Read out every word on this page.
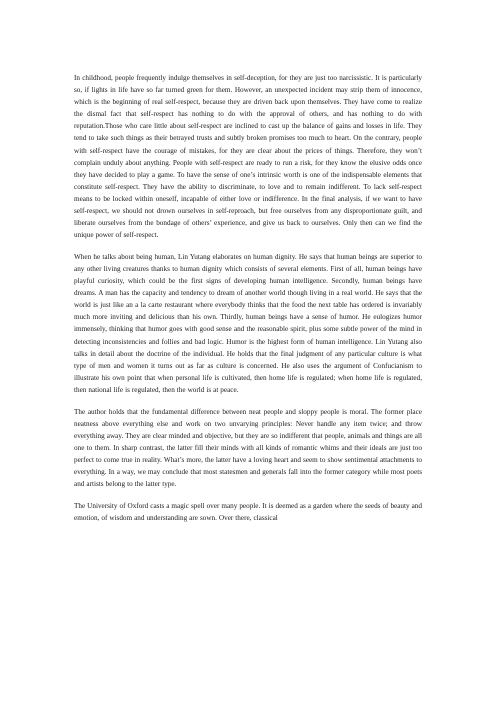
In childhood, people frequently indulge themselves in self-deception, for they are just too narcissistic. It is particularly so, if lights in life have so far turned green for them. However, an unexpected incident may strip them of innocence, which is the beginning of real self-respect, because they are driven back upon themselves. They have come to realize the dismal fact that self-respect has nothing to do with the approval of others, and has nothing to do with reputation.Those who care little about self-respect are inclined to cast up the balance of gains and losses in life. They tend to take such things as their betrayed trusts and subtly broken promises too much to heart. On the contrary, people with self-respect have the courage of mistakes, for they are clear about the prices of things. Therefore, they won’t complain unduly about anything. People with self-respect are ready to run a risk, for they know the elusive odds once they have decided to play a game. To have the sense of one’s intrinsic worth is one of the indispensable elements that constitute self-respect. They have the ability to discriminate, to love and to remain indifferent. To lack self-respect means to be locked within oneself, incapable of either love or indifference. In the final analysis, if we want to have self-respect, we should not drown ourselves in self-reproach, but free ourselves from any disproportionate guilt, and liberate ourselves from the bondage of others’ experience, and give us back to ourselves. Only then can we find the unique power of self-respect.

When he talks about being human, Lin Yutang elaborates on human dignity. He says that human beings are superior to any other living creatures thanks to human dignity which consists of several elements. First of all, human beings have playful curiosity, which could be the first signs of developing human intelligence. Secondly, human beings have dreams. A man has the capacity and tendency to dream of another world though living in a real world. He says that the world is just like an a la carte restaurant where everybody thinks that the food the next table has ordered is invariably much more inviting and delicious than his own. Thirdly, human beings have a sense of humor. He eulogizes humor immensely, thinking that humor goes with good sense and the reasonable spirit, plus some subtle power of the mind in detecting inconsistencies and follies and bad logic. Humor is the highest form of human intelligence. Lin Yutang also talks in detail about the doctrine of the individual. He holds that the final judgment of any particular culture is what type of men and women it turns out as far as culture is concerned. He also uses the argument of Confucianism to illustrate his own point that when personal life is cultivated, then home life is regulated; when home life is regulated, then national life is regulated, then the world is at peace.

The author holds that the fundamental difference between neat people and sloppy people is moral. The former place neatness above everything else and work on two unvarying principles: Never handle any item twice; and throw everything away. They are clear minded and objective, but they are so indifferent that people, animals and things are all one to them. In sharp contrast, the latter fill their minds with all kinds of romantic whims and their ideals are just too perfect to come true in reality. What’s more, the latter have a loving heart and seem to show sentimental attachments to everything. In a way, we may conclude that most statesmen and generals fall into the former category while most poets and artists belong to the latter type.

The University of Oxford casts a magic spell over many people. It is deemed as a garden where the seeds of beauty and emotion, of wisdom and understanding are sown. Over there, classical
